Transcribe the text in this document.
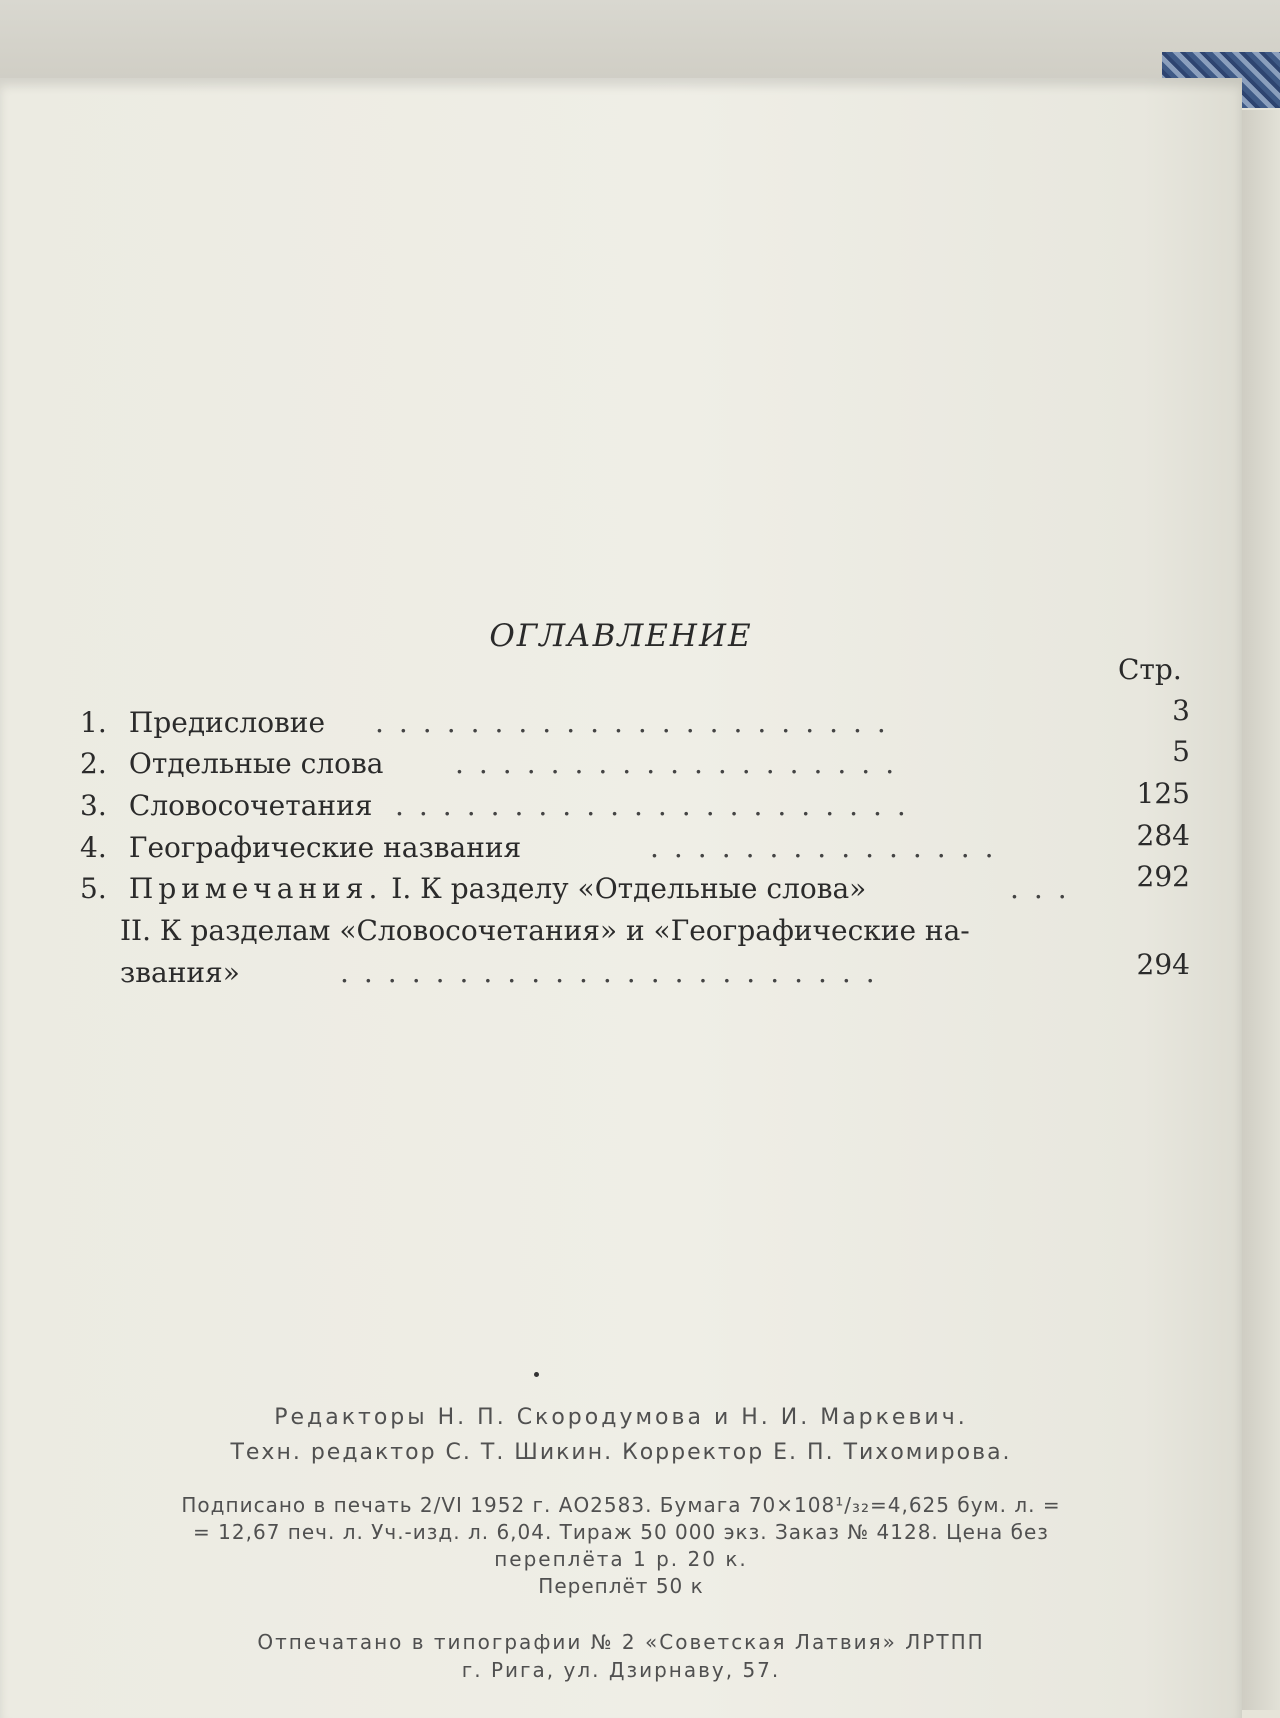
ОГЛАВЛЕНИЕ
Стр.
1. Предисловие ......................	3
2. Отдельные слова	...................	5
3. Словосочетания ......................	125
4. Географические названия	...............	284
5. Примечания. I. К разделу «Отдельные слова»	... 292
II. К разделам «Словосочетания» и «Географические на-
звания»	.......................	294
Редакторы Н. П. Скородумова и Н. И. Маркевич.
Техн. редактор С. Т. Шикин. Корректор Е. П. Тихомирова.
Подписано в печать 2/VI 1952 г. АО2583. Бумага 70×108¹/₃₂=4,625 бум. л. =
= 12,67 печ. л. Уч.-изд. л. 6,04. Тираж 50 000 экз. Заказ № 4128. Цена без
переплёта 1 р. 20 к.
Переплёт 50 к
Отпечатано в типографии № 2 «Советская Латвия» ЛРТПП
г. Рига, ул. Дзирнаву, 57.
